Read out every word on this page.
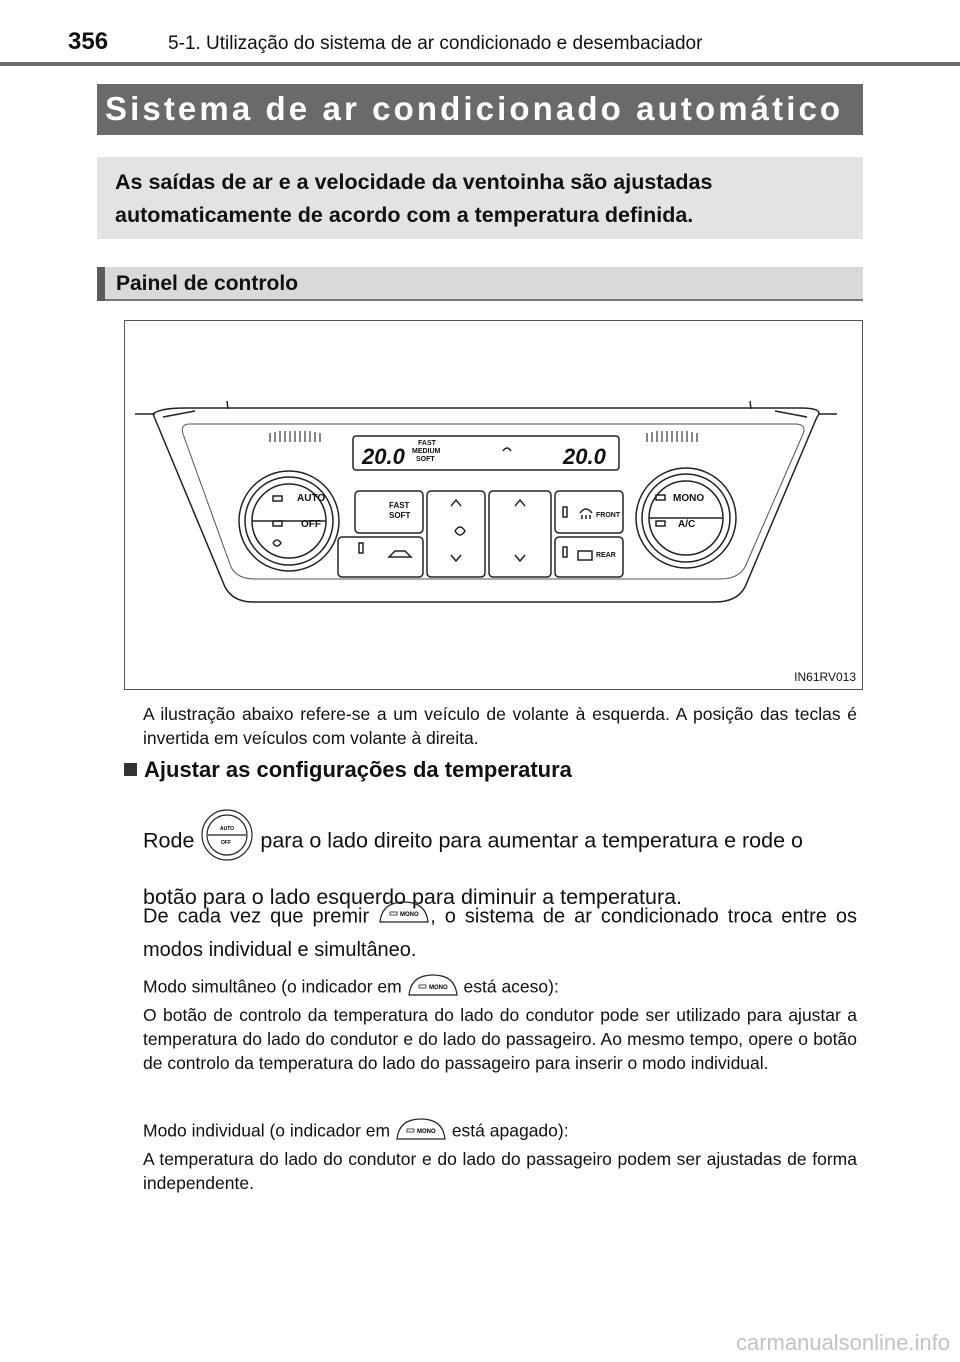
356	5-1. Utilização do sistema de ar condicionado e desembaciador
Sistema de ar condicionado automático
As saídas de ar e a velocidade da ventoinha são ajustadas automaticamente de acordo com a temperatura definida.
Painel de controlo
20.0	20.0
FAST
MEDIUM
SOFT
AUTO
OFF
FAST
SOFT	FRONT
REAR
MONO
A/C
IN61RV013
A ilustração abaixo refere-se a um veículo de volante à esquerda. A posição das teclas é invertida em veículos com volante à direita.
Ajustar as configurações da temperatura
Rode	AUTO
OFF para o lado direito para aumentar a temperatura e rode o botão para o lado esquerdo para diminuir a temperatura.
De cada vez que premir	MONO , o sistema de ar condicionado troca entre os modos individual e simultâneo.
Modo simultâneo (o indicador em	MONO está aceso):
O botão de controlo da temperatura do lado do condutor pode ser utilizado para ajustar a temperatura do lado do condutor e do lado do passageiro. Ao mesmo tempo, opere o botão de controlo da temperatura do lado do passageiro para inserir o modo individual.
Modo individual (o indicador em	MONO está apagado):
A temperatura do lado do condutor e do lado do passageiro podem ser ajustadas de forma independente.
carmanualsonline.info
